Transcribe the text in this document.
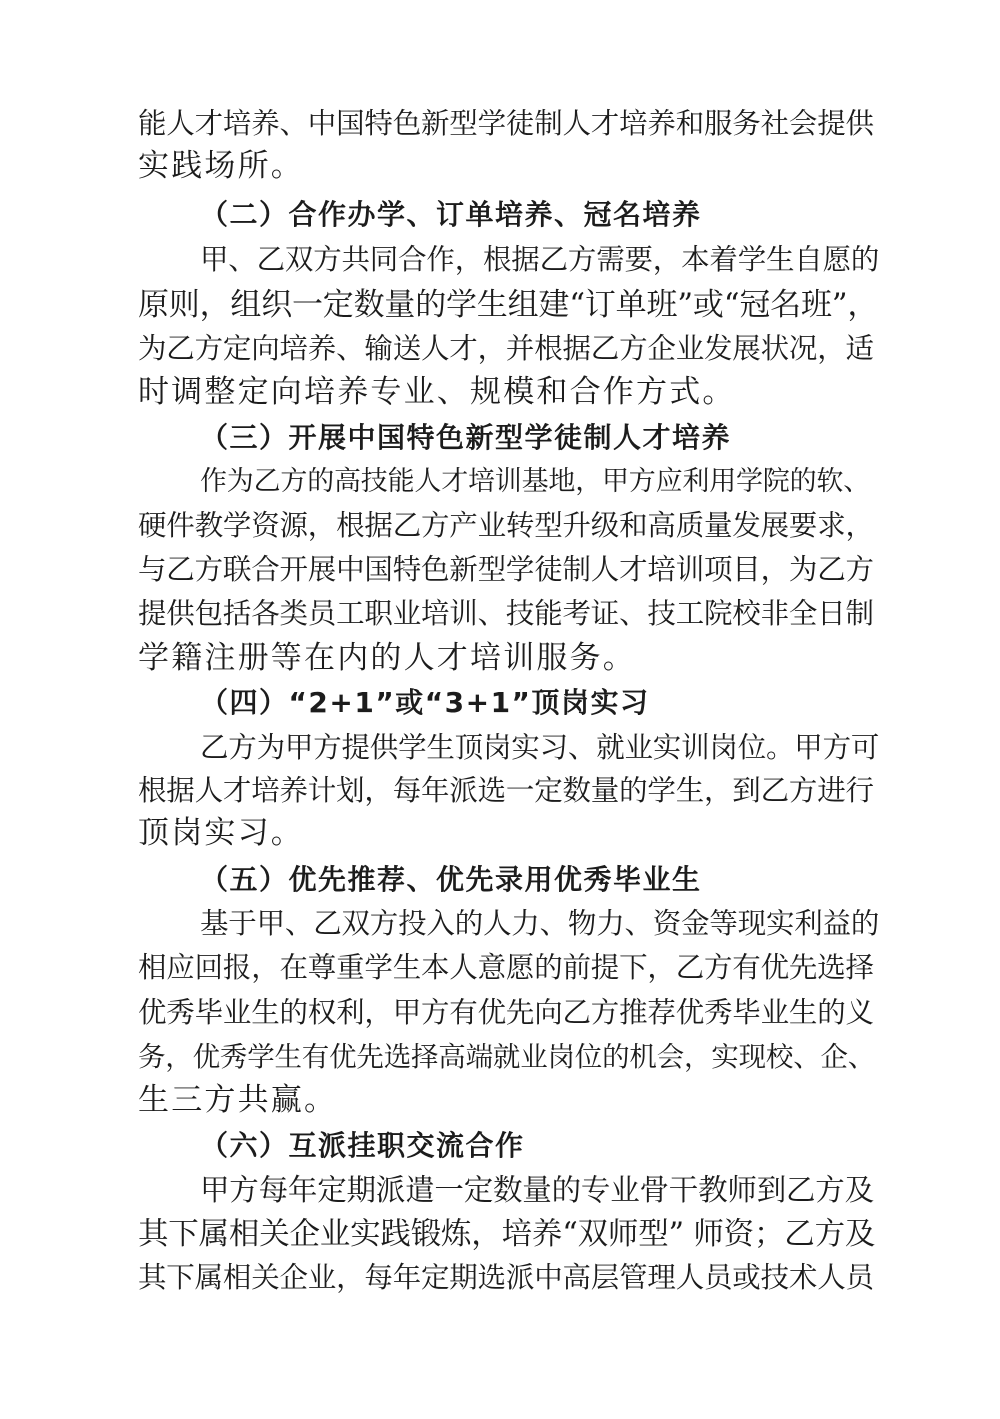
能人才培养、中国特色新型学徒制人才培养和服务社会提供
实践场所。
（二）合作办学、订单培养、冠名培养
甲、乙双方共同合作，根据乙方需要，本着学生自愿的
原则，组织一定数量的学生组建“订单班”或“冠名班”，
为乙方定向培养、输送人才，并根据乙方企业发展状况，适
时调整定向培养专业、规模和合作方式。
（三）开展中国特色新型学徒制人才培养
作为乙方的高技能人才培训基地，甲方应利用学院的软、
硬件教学资源，根据乙方产业转型升级和高质量发展要求，
与乙方联合开展中国特色新型学徒制人才培训项目，为乙方
提供包括各类员工职业培训、技能考证、技工院校非全日制
学籍注册等在内的人才培训服务。
（四）“2+1”或“3+1”顶岗实习
乙方为甲方提供学生顶岗实习、就业实训岗位。甲方可
根据人才培养计划，每年派选一定数量的学生，到乙方进行
顶岗实习。
（五）优先推荐、优先录用优秀毕业生
基于甲、乙双方投入的人力、物力、资金等现实利益的
相应回报，在尊重学生本人意愿的前提下，乙方有优先选择
优秀毕业生的权利，甲方有优先向乙方推荐优秀毕业生的义
务，优秀学生有优先选择高端就业岗位的机会，实现校、企、
生三方共赢。
（六）互派挂职交流合作
甲方每年定期派遣一定数量的专业骨干教师到乙方及
其下属相关企业实践锻炼，培养“双师型” 师资；乙方及
其下属相关企业，每年定期选派中高层管理人员或技术人员
